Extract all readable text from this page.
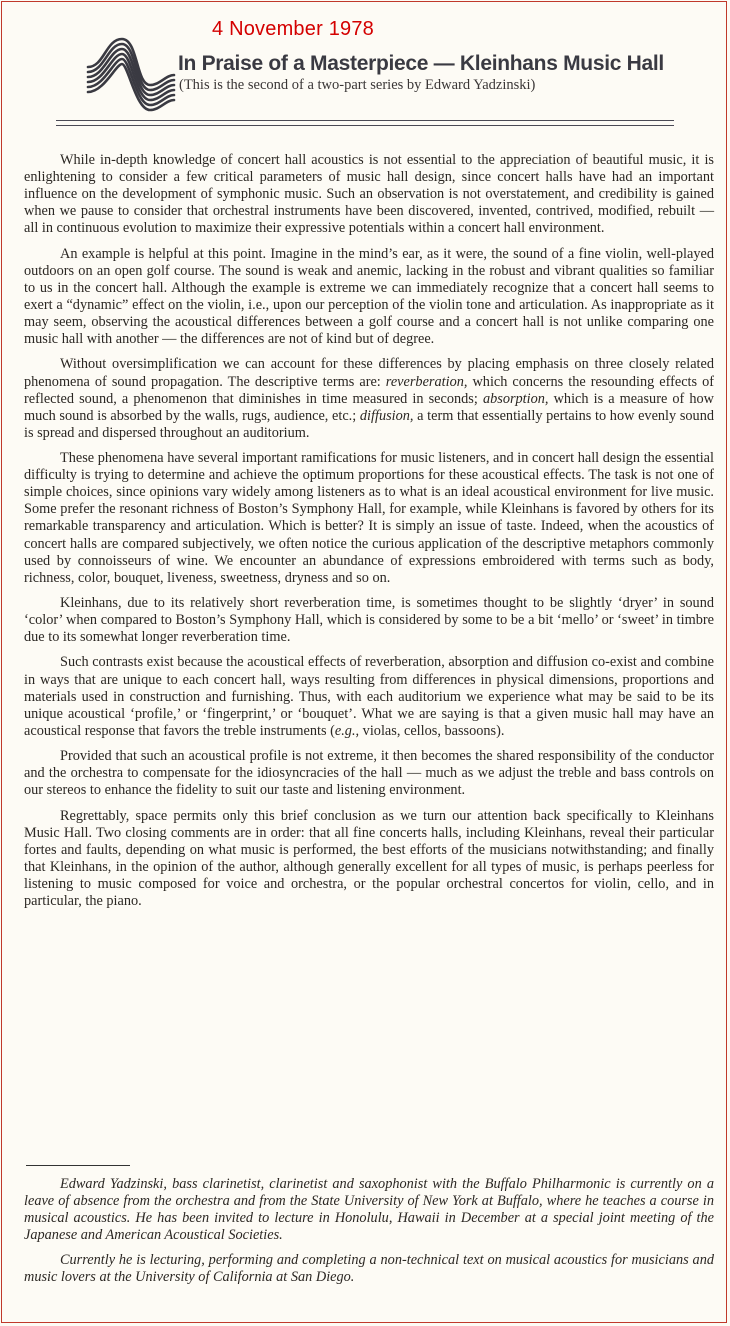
4 November 1978
In Praise of a Masterpiece — Kleinhans Music Hall
(This is the second of a two-part series by Edward Yadzinski)

While in-depth knowledge of concert hall acoustics is not essential to the appreciation of beautiful music, it is enlightening to consider a few critical parameters of music hall design, since concert halls have had an important influence on the development of symphonic music. Such an observation is not overstatement, and credibility is gained when we pause to consider that orchestral instruments have been discovered, invented, contrived, modified, rebuilt — all in continuous evolution to maximize their expressive potentials within a concert hall environment.

An example is helpful at this point. Imagine in the mind’s ear, as it were, the sound of a fine violin, well-played outdoors on an open golf course. The sound is weak and anemic, lacking in the robust and vibrant qualities so familiar to us in the concert hall. Although the example is extreme we can immediately recognize that a concert hall seems to exert a “dynamic” effect on the violin, i.e., upon our perception of the violin tone and articulation. As inappropriate as it may seem, observing the acoustical differences between a golf course and a concert hall is not unlike comparing one music hall with another — the differences are not of kind but of degree.

Without oversimplification we can account for these differences by placing emphasis on three closely related phenomena of sound propagation. The descriptive terms are: reverberation, which concerns the resounding effects of reflected sound, a phenomenon that diminishes in time measured in seconds; absorption, which is a measure of how much sound is absorbed by the walls, rugs, audience, etc.; diffusion, a term that essentially pertains to how evenly sound is spread and dispersed throughout an auditorium.

These phenomena have several important ramifications for music listeners, and in concert hall design the essential difficulty is trying to determine and achieve the optimum proportions for these acoustical effects. The task is not one of simple choices, since opinions vary widely among listeners as to what is an ideal acoustical environment for live music. Some prefer the resonant richness of Boston’s Symphony Hall, for example, while Kleinhans is favored by others for its remarkable transparency and articulation. Which is better? It is simply an issue of taste. Indeed, when the acoustics of concert halls are compared subjectively, we often notice the curious application of the descriptive metaphors commonly used by connoisseurs of wine. We encounter an abundance of expressions embroidered with terms such as body, richness, color, bouquet, liveness, sweetness, dryness and so on.

Kleinhans, due to its relatively short reverberation time, is sometimes thought to be slightly ‘dryer’ in sound ‘color’ when compared to Boston’s Symphony Hall, which is considered by some to be a bit ‘mello’ or ‘sweet’ in timbre due to its somewhat longer reverberation time.

Such contrasts exist because the acoustical effects of reverberation, absorption and diffusion co-exist and combine in ways that are unique to each concert hall, ways resulting from differences in physical dimensions, proportions and materials used in construction and furnishing. Thus, with each auditorium we experience what may be said to be its unique acoustical ‘profile,’ or ‘fingerprint,’ or ‘bouquet’. What we are saying is that a given music hall may have an acoustical response that favors the treble instruments (e.g., violas, cellos, bassoons).

Provided that such an acoustical profile is not extreme, it then becomes the shared responsibility of the conductor and the orchestra to compensate for the idiosyncracies of the hall — much as we adjust the treble and bass controls on our stereos to enhance the fidelity to suit our taste and listening environment.

Regrettably, space permits only this brief conclusion as we turn our attention back specifically to Kleinhans Music Hall. Two closing comments are in order: that all fine concerts halls, including Kleinhans, reveal their particular fortes and faults, depending on what music is performed, the best efforts of the musicians notwithstanding; and finally that Kleinhans, in the opinion of the author, although generally excellent for all types of music, is perhaps peerless for listening to music composed for voice and orchestra, or the popular orchestral concertos for violin, cello, and in particular, the piano.

Edward Yadzinski, bass clarinetist, clarinetist and saxophonist with the Buffalo Philharmonic is currently on a leave of absence from the orchestra and from the State University of New York at Buffalo, where he teaches a course in musical acoustics. He has been invited to lecture in Honolulu, Hawaii in December at a special joint meeting of the Japanese and American Acoustical Societies.

Currently he is lecturing, performing and completing a non-technical text on musical acoustics for musicians and music lovers at the University of California at San Diego.
